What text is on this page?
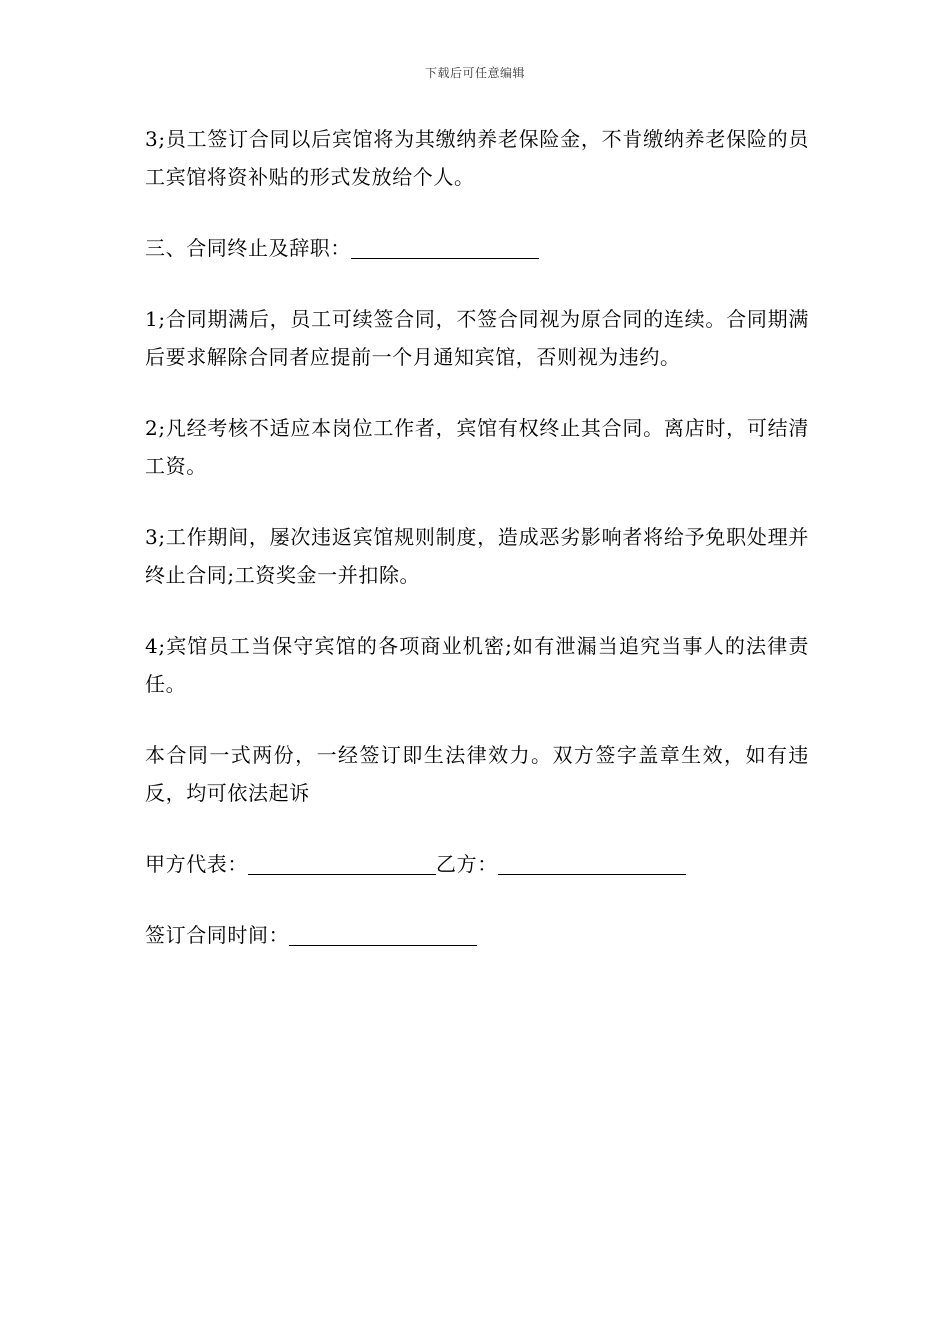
下载后可任意编辑

3;员工签订合同以后宾馆将为其缴纳养老保险金，不肯缴纳养老保险的员工宾馆将资补贴的形式发放给个人。

三、合同终止及辞职：

1;合同期满后，员工可续签合同，不签合同视为原合同的连续。合同期满后要求解除合同者应提前一个月通知宾馆，否则视为违约。

2;凡经考核不适应本岗位工作者，宾馆有权终止其合同。离店时，可结清工资。

3;工作期间，屡次违返宾馆规则制度，造成恶劣影响者将给予免职处理并终止合同;工资奖金一并扣除。

4;宾馆员工当保守宾馆的各项商业机密;如有泄漏当追究当事人的法律责任。

本合同一式两份，一经签订即生法律效力。双方签字盖章生效，如有违反，均可依法起诉

甲方代表：	乙方：
签订合同时间：
